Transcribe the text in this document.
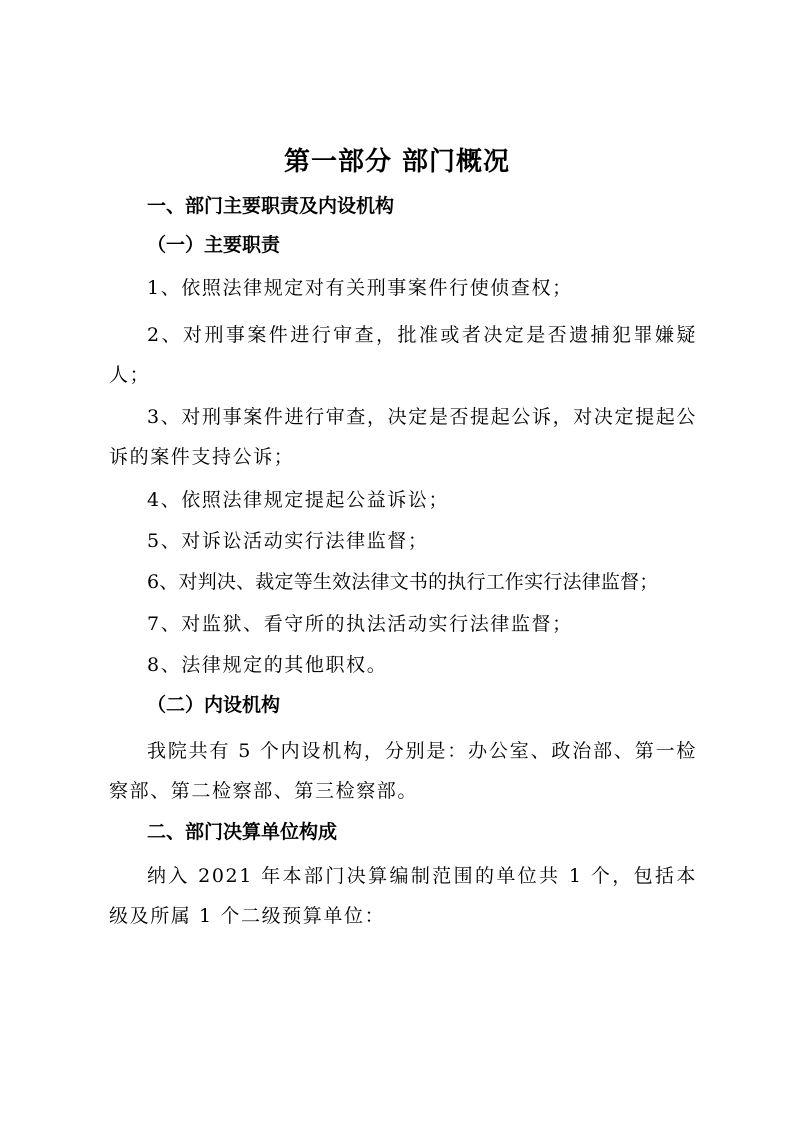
第一部分 部门概况
一、部门主要职责及内设机构
（一）主要职责
1、依照法律规定对有关刑事案件行使侦查权；
2、对刑事案件进行审查，批准或者决定是否遗捕犯罪嫌疑人；
3、对刑事案件进行审查，决定是否提起公诉，对决定提起公诉的案件支持公诉；
4、依照法律规定提起公益诉讼；
5、对诉讼活动实行法律监督；
6、对判决、裁定等生效法律文书的执行工作实行法律监督；
7、对监狱、看守所的执法活动实行法律监督；
8、法律规定的其他职权。
（二）内设机构
我院共有 5 个内设机构，分别是：办公室、政治部、第一检察部、第二检察部、第三检察部。
二、部门决算单位构成
纳入 2021 年本部门决算编制范围的单位共 1 个，包括本级及所属 1 个二级预算单位：
